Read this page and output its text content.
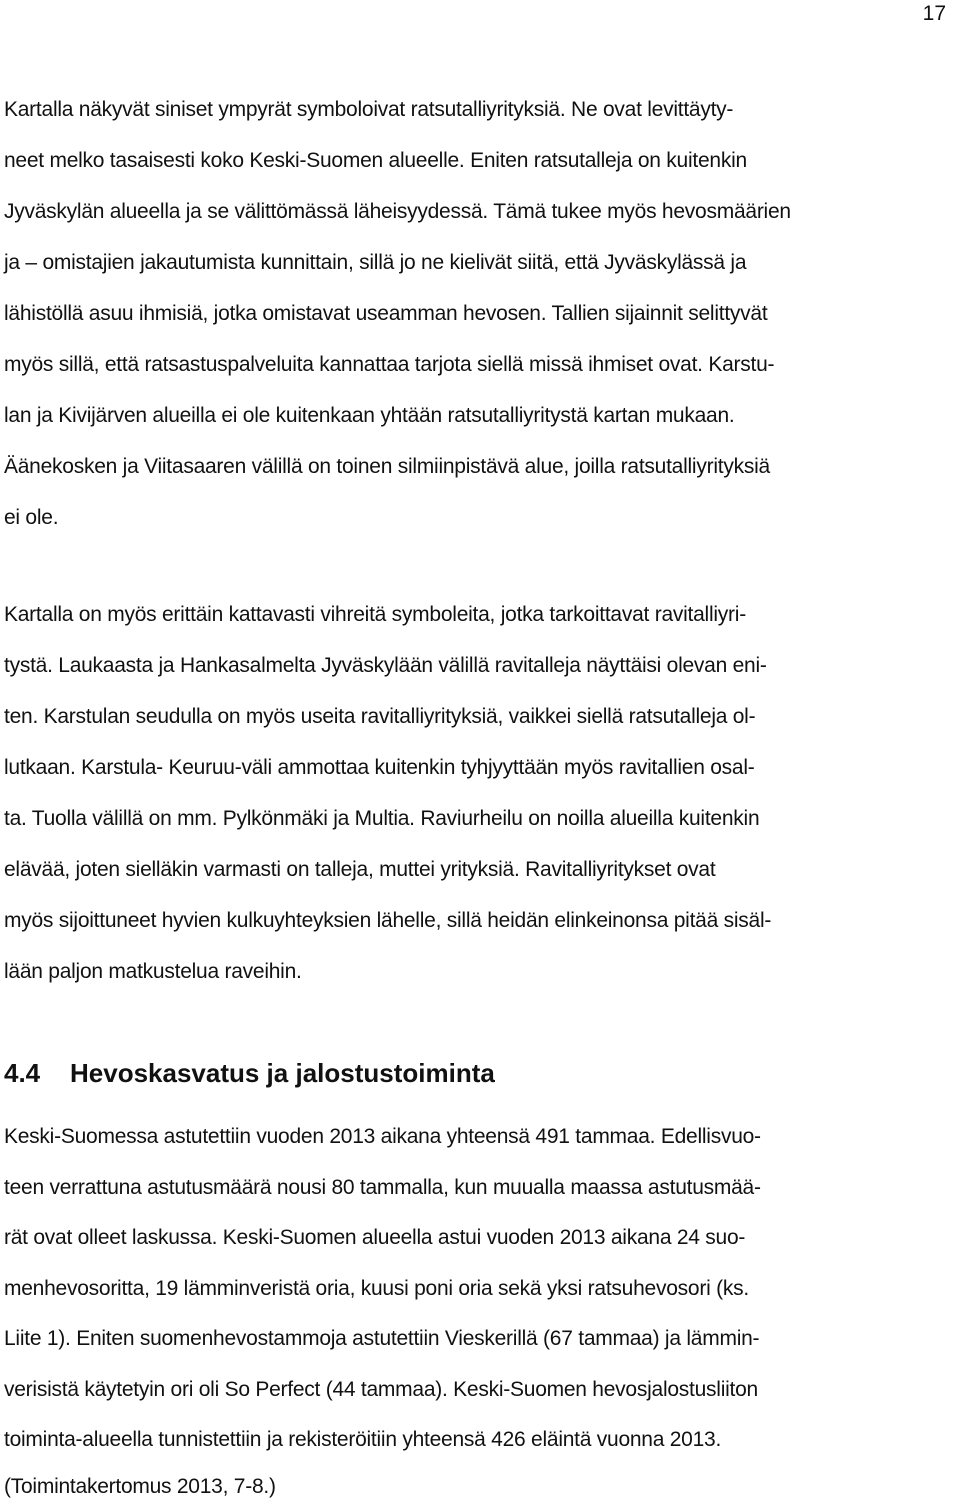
17
Kartalla näkyvät siniset ympyrät symboloivat ratsutalliyrityksiä. Ne ovat levittäyty-
neet melko tasaisesti koko Keski-Suomen alueelle. Eniten ratsutalleja on kuitenkin
Jyväskylän alueella ja se välittömässä läheisyydessä. Tämä tukee myös hevosmäärien
ja – omistajien jakautumista kunnittain, sillä jo ne kielivät siitä, että Jyväskylässä ja
lähistöllä asuu ihmisiä, jotka omistavat useamman hevosen. Tallien sijainnit selittyvät
myös sillä, että ratsastuspalveluita kannattaa tarjota siellä missä ihmiset ovat. Karstu-
lan ja Kivijärven alueilla ei ole kuitenkaan yhtään ratsutalliyritystä kartan mukaan.
Äänekosken ja Viitasaaren välillä on toinen silmiinpistävä alue, joilla ratsutalliyrityksiä
ei ole.
Kartalla on myös erittäin kattavasti vihreitä symboleita, jotka tarkoittavat ravitalliyri-
tystä. Laukaasta ja Hankasalmelta Jyväskylään välillä ravitalleja näyttäisi olevan eni-
ten. Karstulan seudulla on myös useita ravitalliyrityksiä, vaikkei siellä ratsutalleja ol-
lutkaan. Karstula- Keuruu-väli ammottaa kuitenkin tyhjyyttään myös ravitallien osal-
ta. Tuolla välillä on mm. Pylkönmäki ja Multia. Raviurheilu on noilla alueilla kuitenkin
elävää, joten sielläkin varmasti on talleja, muttei yrityksiä. Ravitalliyritykset ovat
myös sijoittuneet hyvien kulkuyhteyksien lähelle, sillä heidän elinkeinonsa pitää sisäl-
lään paljon matkustelua raveihin.
4.4 Hevoskasvatus ja jalostustoiminta
Keski-Suomessa astutettiin vuoden 2013 aikana yhteensä 491 tammaa. Edellisvuo-
teen verrattuna astutusmäärä nousi 80 tammalla, kun muualla maassa astutusmää-
rät ovat olleet laskussa. Keski-Suomen alueella astui vuoden 2013 aikana 24 suo-
menhevosoritta, 19 lämminveristä oria, kuusi poni oria sekä yksi ratsuhevosori (ks.
Liite 1). Eniten suomenhevostammoja astutettiin Vieskerillä (67 tammaa) ja lämmin-
verisistä käytetyin ori oli So Perfect (44 tammaa). Keski-Suomen hevosjalostusliiton
toiminta-alueella tunnistettiin ja rekisteröitiin yhteensä 426 eläintä vuonna 2013.
(Toimintakertomus 2013, 7-8.)
